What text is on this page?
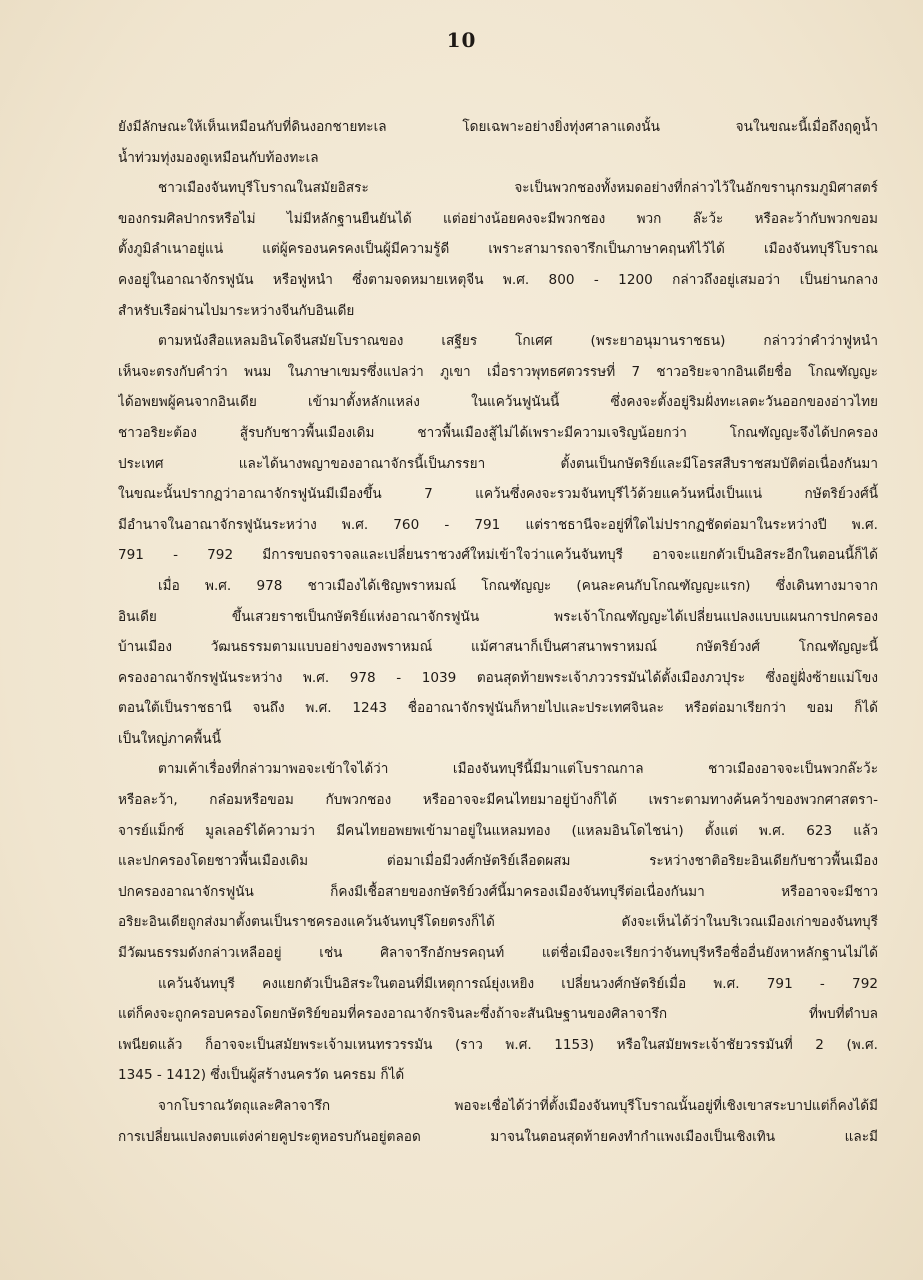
10
ยังมีลักษณะให้เห็นเหมือนกับที่ดินงอกชายทะเล โดยเฉพาะอย่างยิ่งทุ่งศาลาแดงนั้น จนในขณะนี้เมื่อถึงฤดูน้ำ
น้ำท่วมทุ่งมองดูเหมือนกับท้องทะเล
ชาวเมืองจันทบุรีโบราณในสมัยอิสระ จะเป็นพวกชองทั้งหมดอย่างที่กล่าวไว้ในอักขรานุกรมภูมิศาสตร์
ของกรมศิลปากรหรือไม่ ไม่มีหลักฐานยืนยันได้ แต่อย่างน้อยคงจะมีพวกชอง พวก ล๊ะว้ะ หรือละว้ากับพวกขอม
ตั้งภูมิลำเนาอยู่แน่ แต่ผู้ครองนครคงเป็นผู้มีความรู้ดี เพราะสามารถจารึกเป็นภาษาคฤนท์ไว้ได้ เมืองจันทบุรีโบราณ
คงอยู่ในอาณาจักรฟูนัน หรือฟูหนำ ซึ่งตามจดหมายเหตุจีน พ.ศ. 800 - 1200 กล่าวถึงอยู่เสมอว่า เป็นย่านกลาง
สำหรับเรือผ่านไปมาระหว่างจีนกับอินเดีย
ตามหนังสือแหลมอินโดจีนสมัยโบราณของ เสฐียร โกเศศ (พระยาอนุมานราชธน) กล่าวว่าคำว่าฟูหนำ
เห็นจะตรงกับคำว่า พนม ในภาษาเขมรซึ่งแปลว่า ภูเขา เมื่อราวพุทธศตวรรษที่ 7 ชาวอริยะจากอินเดียชื่อ โกณฑัญญะ
ได้อพยพผู้คนจากอินเดีย เข้ามาตั้งหลักแหล่ง ในแคว้นฟูนันนี้ ซึ่งคงจะตั้งอยู่ริมฝั่งทะเลตะวันออกของอ่าวไทย
ชาวอริยะต้อง สู้รบกับชาวพื้นเมืองเดิม ชาวพื้นเมืองสู้ไม่ได้เพราะมีความเจริญน้อยกว่า โกณฑัญญะจึงได้ปกครอง
ประเทศ และได้นางพญาของอาณาจักรนี้เป็นภรรยา ตั้งตนเป็นกษัตริย์และมีโอรสสืบราชสมบัติต่อเนื่องกันมา
ในขณะนั้นปรากฏว่าอาณาจักรฟูนันมีเมืองขึ้น 7 แคว้นซึ่งคงจะรวมจันทบุรีไว้ด้วยแคว้นหนึ่งเป็นแน่ กษัตริย์วงศ์นี้
มีอำนาจในอาณาจักรฟูนันระหว่าง พ.ศ. 760 - 791 แต่ราชธานีจะอยู่ที่ใดไม่ปรากฏชัดต่อมาในระหว่างปี พ.ศ.
791 - 792 มีการขบถจราจลและเปลี่ยนราชวงศ์ใหม่เข้าใจว่าแคว้นจันทบุรี อาจจะแยกตัวเป็นอิสระอีกในตอนนี้ก็ได้
เมื่อ พ.ศ. 978 ชาวเมืองได้เชิญพราหมณ์ โกณฑัญญะ (คนละคนกับโกณฑัญญะแรก) ซึ่งเดินทางมาจาก
อินเดีย ขึ้นเสวยราชเป็นกษัตริย์แห่งอาณาจักรฟูนัน พระเจ้าโกณฑัญญะได้เปลี่ยนแปลงแบบแผนการปกครอง
บ้านเมือง วัฒนธรรมตามแบบอย่างของพราหมณ์ แม้ศาสนาก็เป็นศาสนาพราหมณ์ กษัตริย์วงศ์ โกณฑัญญะนี้
ครองอาณาจักรฟูนันระหว่าง พ.ศ. 978 - 1039 ตอนสุดท้ายพระเจ้าภววรรมันได้ตั้งเมืองภวปุระ ซึ่งอยู่ฝั่งซ้ายแม่โขง
ตอนใต้เป็นราชธานี จนถึง พ.ศ. 1243 ชื่ออาณาจักรฟูนันก็หายไปและประเทศจินละ หรือต่อมาเรียกว่า ขอม ก็ได้
เป็นใหญ่ภาคพื้นนี้
ตามเค้าเรื่องที่กล่าวมาพอจะเข้าใจได้ว่า เมืองจันทบุรีนี้มีมาแต่โบราณกาล ชาวเมืองอาจจะเป็นพวกล๊ะว้ะ
หรือละว้า, กล๋อมหรือขอม กับพวกชอง หรืออาจจะมีคนไทยมาอยู่บ้างก็ได้ เพราะตามทางค้นคว้าของพวกศาสตรา-
จารย์แม็กซ์ มูลเลอร์ได้ความว่า มีคนไทยอพยพเข้ามาอยู่ในแหลมทอง (แหลมอินโดไชน่า) ตั้งแต่ พ.ศ. 623 แล้ว
และปกครองโดยชาวพื้นเมืองเดิม ต่อมาเมื่อมีวงศ์กษัตริย์เลือดผสม ระหว่างชาติอริยะอินเดียกับชาวพื้นเมือง
ปกครองอาณาจักรฟูนัน ก็คงมีเชื้อสายของกษัตริย์วงศ์นี้มาครองเมืองจันทบุรีต่อเนื่องกันมา หรืออาจจะมีชาว
อริยะอินเดียถูกส่งมาตั้งตนเป็นราชครองแคว้นจันทบุรีโดยตรงก็ได้ ดังจะเห็นได้ว่าในบริเวณเมืองเก่าของจันทบุรี
มีวัฒนธรรมดังกล่าวเหลืออยู่ เช่น ศิลาจารึกอักษรคฤนท์ แต่ชื่อเมืองจะเรียกว่าจันทบุรีหรือชื่ออื่นยังหาหลักฐานไม่ได้
แคว้นจันทบุรี คงแยกตัวเป็นอิสระในตอนที่มีเหตุการณ์ยุ่งเหยิง เปลี่ยนวงศ์กษัตริย์เมื่อ พ.ศ. 791 - 792
แต่ก็คงจะถูกครอบครองโดยกษัตริย์ขอมที่ครองอาณาจักรจินละซึ่งถ้าจะสันนิษฐานของศิลาจารึก ที่พบที่ตำบล
เพนียดแล้ว ก็อาจจะเป็นสมัยพระเจ้ามเหนทรวรรมัน (ราว พ.ศ. 1153) หรือในสมัยพระเจ้าชัยวรรมันที่ 2 (พ.ศ.
1345 - 1412) ซึ่งเป็นผู้สร้างนครวัด นครธม ก็ได้
จากโบราณวัตถุและศิลาจารึก พอจะเชื่อได้ว่าที่ตั้งเมืองจันทบุรีโบราณนั้นอยู่ที่เชิงเขาสระบาปแต่ก็คงได้มี
การเปลี่ยนแปลงตบแต่งค่ายคูประตูหอรบกันอยู่ตลอด มาจนในตอนสุดท้ายคงทำกำแพงเมืองเป็นเชิงเทิน และมี
